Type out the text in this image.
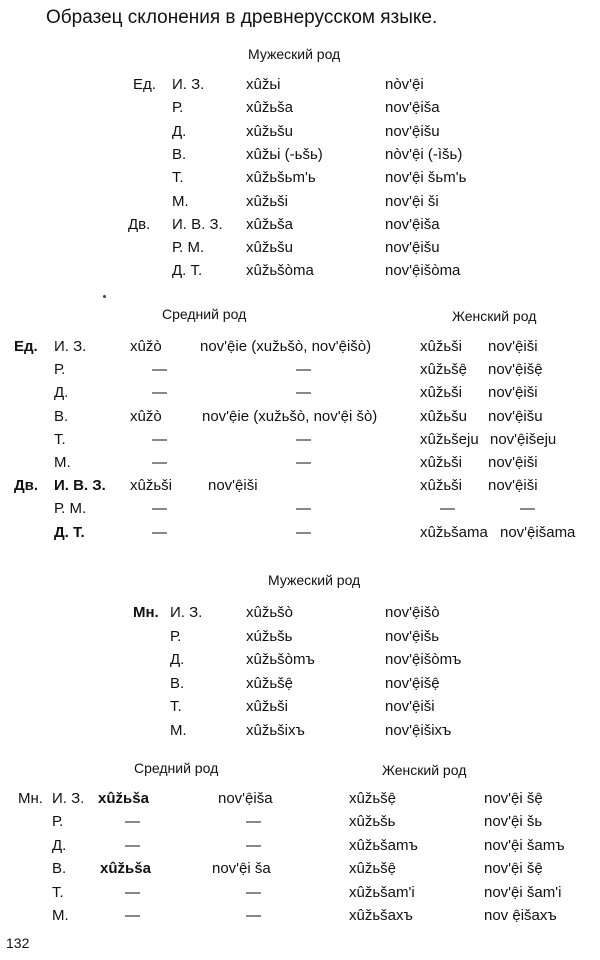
Образец склонения в древнерусском языке.
Мужеский род
Ед. И. З.	xûžьi	nòv'ẹ̑i
Р.	xûžьša	nov'ẹ̑iša
Д.	xûžьšu	nov'ẹ̑išu
В.	xûžьi (-ьšь)	nòv'ẹ̑i (-ìšь)
Т.	xûžьšьm'ь	nov'ẹ̑i šьm'ь
М.	xûžьši	nov'ẹ̑i ši
Дв. И. В. З. xûžьša	nov'ẹ̑iša
Р. М.	xûžьšu	nov'ẹ̑išu
Д. Т.	xûžьšòma	nov'ẹ̑išòma
Средний род	Женский род
Ед. И. З.	xûžò	nov'ẹ̑ie (xužьšò, nov'ẹ̑išò)	xûžьši nov'ẹ̑iši
Р.	—	—	xûžьšẹ̑ nov'ẹ̑išẹ̑
Д.	—	—	xûžьši nov'ẹ̑iši
В.	xûžò	nov'ẹ̑ie (xužьšò, nov'ẹ̑i šò)	xûžьšu nov'ẹ̑išu
Т.	—	—	xûžьšeju nov'ẹ̑išeju
М.	—	—	xûžьši nov'ẹ̑iši
Дв. И. В. З. xûžьši nov'ẹ̑iši	xûžьši nov'ẹ̑iši
Р. М.	—	—	—	—
Д. Т.	—	—	xûžьšama nov'ẹ̑išama
Мужеский род
Мн. И. З.	xûžьšò	nov'ẹ̑išò
Р.	xúžьšь	nov'ẹ̑išь
Д.	xûžьšòmъ	nov'ẹ̑išòmъ
В.	xûžьšẹ̑	nov'ẹ̑išẹ̑
Т.	xûžьši	nov'ẹ̑iši
М.	xûžьšixъ	nov'ẹ̑išixъ
Средний род	Женский род
Мн. И. З. xûžьša	nov'ẹ̑iša	xûžьšẹ̑	nov'ẹ̑i šẹ̑
Р.	—	—	xûžьšь	nov'ẹ̑i šь
Д.	—	—	xûžьšamъ	nov'ẹ̑i šamъ
В. xûžьša	nov'ẹ̑i ša	xûžьšẹ̑	nov'ẹ̑i šẹ̑
Т.	—	—	xûžьšam'i	nov'ẹ̑i šam'i
М.	—	—	xûžьšaxъ	nov ẹ̑išaxъ
132
